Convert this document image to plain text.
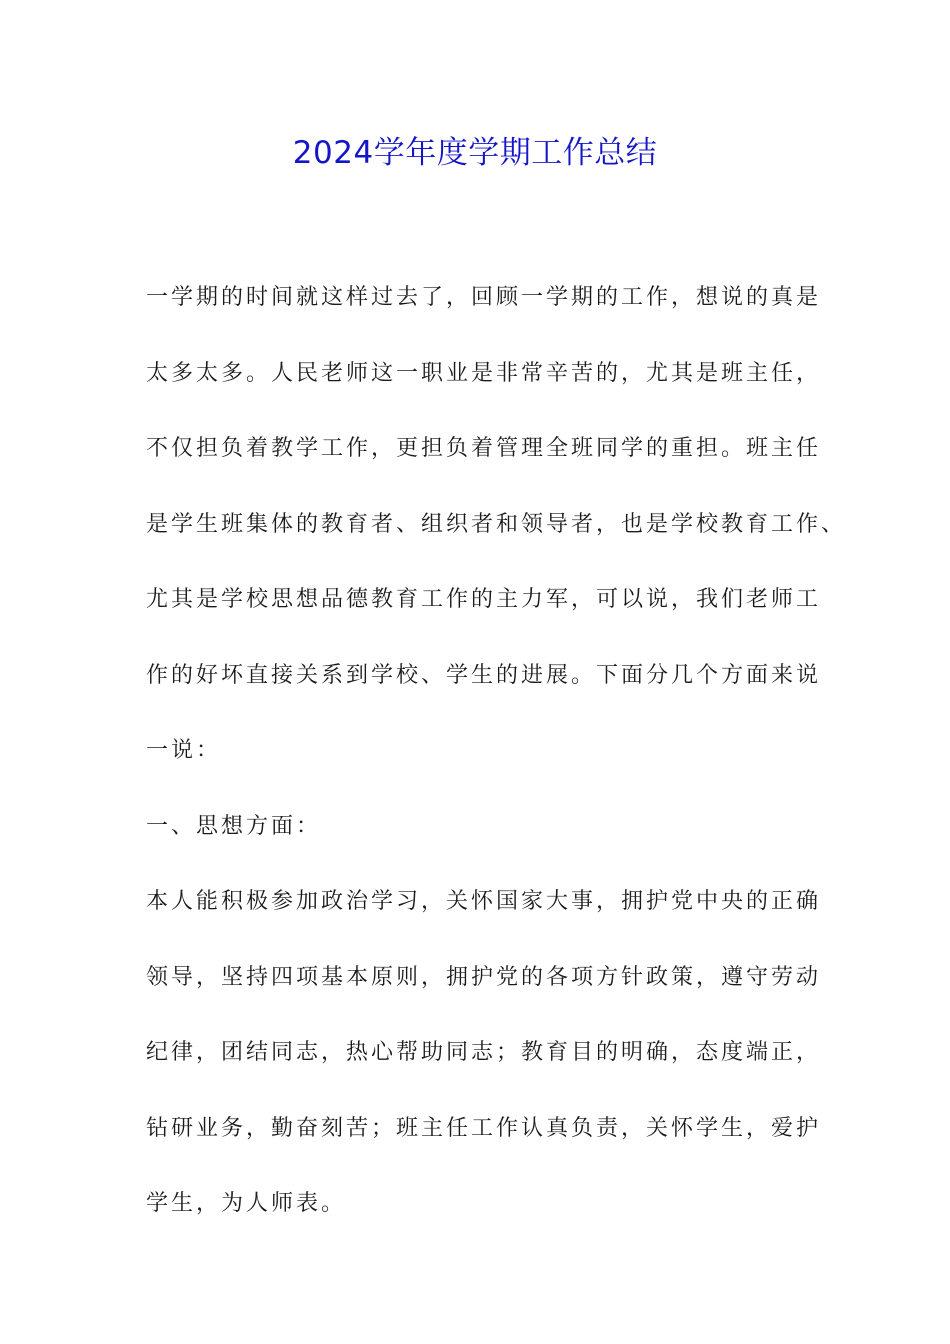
2024学年度学期工作总结
一学期的时间就这样过去了，回顾一学期的工作，想说的真是
太多太多。人民老师这一职业是非常辛苦的，尤其是班主任，
不仅担负着教学工作，更担负着管理全班同学的重担。班主任
是学生班集体的教育者、组织者和领导者，也是学校教育工作、
尤其是学校思想品德教育工作的主力军，可以说，我们老师工
作的好坏直接关系到学校、学生的进展。下面分几个方面来说
一说：
一、思想方面：
本人能积极参加政治学习，关怀国家大事，拥护党中央的正确
领导，坚持四项基本原则，拥护党的各项方针政策，遵守劳动
纪律，团结同志，热心帮助同志；教育目的明确，态度端正，
钻研业务，勤奋刻苦；班主任工作认真负责，关怀学生，爱护
学生，为人师表。
